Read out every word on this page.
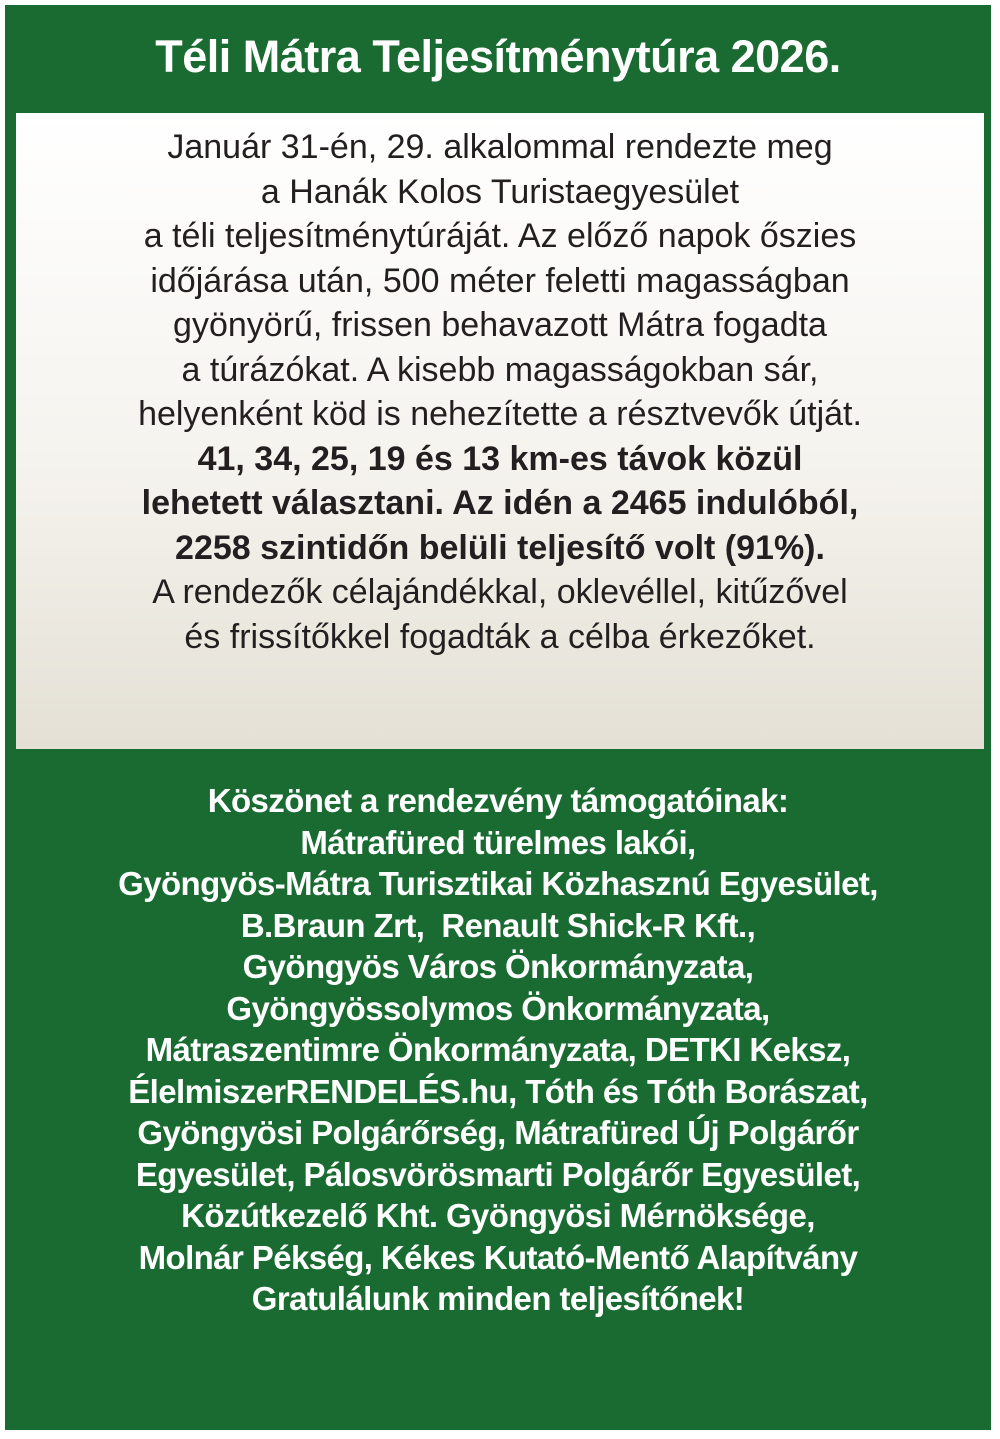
Téli Mátra Teljesítménytúra 2026.
Január 31-én, 29. alkalommal rendezte meg
a Hanák Kolos Turistaegyesület
a téli teljesítménytúráját. Az előző napok őszies
időjárása után, 500 méter feletti magasságban
gyönyörű, frissen behavazott Mátra fogadta
a túrázókat. A kisebb magasságokban sár,
helyenként köd is nehezítette a résztvevők útját.
41, 34, 25, 19 és 13 km-es távok közül
lehetett választani. Az idén a 2465 indulóból,
2258 szintidőn belüli teljesítő volt (91%).
A rendezők célajándékkal, oklevéllel, kitűzővel
és frissítőkkel fogadták a célba érkezőket.
Köszönet a rendezvény támogatóinak:
Mátrafüred türelmes lakói,
Gyöngyös-Mátra Turisztikai Közhasznú Egyesület,
B.Braun Zrt,  Renault Shick-R Kft.,
Gyöngyös Város Önkormányzata,
Gyöngyössolymos Önkormányzata,
Mátraszentimre Önkormányzata, DETKI Keksz,
ÉlelmiszerRENDELÉS.hu, Tóth és Tóth Borászat,
Gyöngyösi Polgárőrség, Mátrafüred Új Polgárőr
Egyesület, Pálosvörösmarti Polgárőr Egyesület,
Közútkezelő Kht. Gyöngyösi Mérnöksége,
Molnár Pékség, Kékes Kutató-Mentő Alapítvány
Gratulálunk minden teljesítőnek!
